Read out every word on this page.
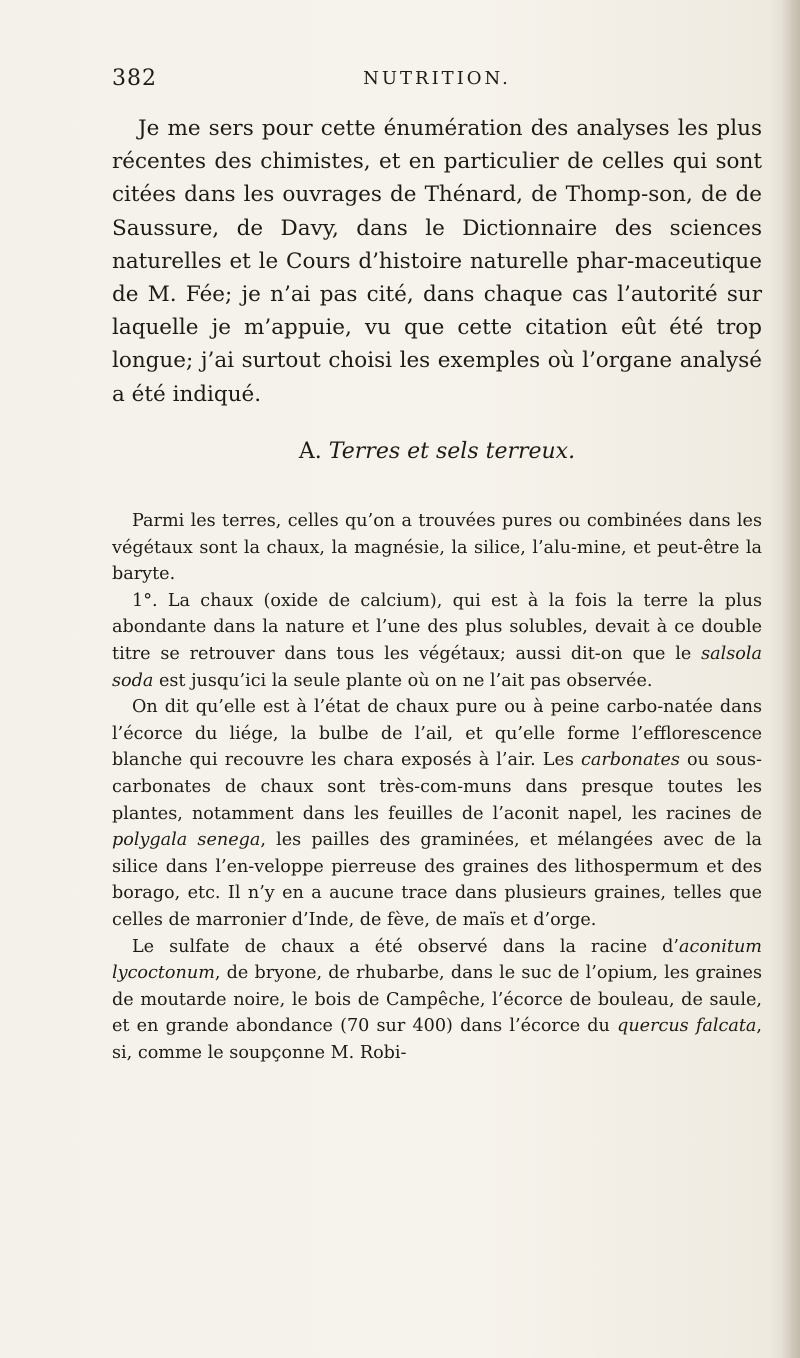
382	NUTRITION.

Je me sers pour cette énumération des analyses les plus récentes des chimistes, et en particulier de celles qui sont citées dans les ouvrages de Thénard, de Thomp-son, de de Saussure, de Davy, dans le Dictionnaire des sciences naturelles et le Cours d’histoire naturelle phar-maceutique de M. Fée; je n’ai pas cité, dans chaque cas l’autorité sur laquelle je m’appuie, vu que cette citation eût été trop longue; j’ai surtout choisi les exemples où l’organe analysé a été indiqué.

A. Terres et sels terreux.

Parmi les terres, celles qu’on a trouvées pures ou combinées dans les végétaux sont la chaux, la magnésie, la silice, l’alu-mine, et peut-être la baryte.

1°. La chaux (oxide de calcium), qui est à la fois la terre la plus abondante dans la nature et l’une des plus solubles, devait à ce double titre se retrouver dans tous les végétaux; aussi dit-on que le salsola soda est jusqu’ici la seule plante où on ne l’ait pas observée.

On dit qu’elle est à l’état de chaux pure ou à peine carbo-natée dans l’écorce du liége, la bulbe de l’ail, et qu’elle forme l’efflorescence blanche qui recouvre les chara exposés à l’air. Les carbonates ou sous-carbonates de chaux sont très-com-muns dans presque toutes les plantes, notamment dans les feuilles de l’aconit napel, les racines de polygala senega, les pailles des graminées, et mélangées avec de la silice dans l’en-veloppe pierreuse des graines des lithospermum et des borago, etc. Il n’y en a aucune trace dans plusieurs graines, telles que celles de marronier d’Inde, de fève, de maïs et d’orge.

Le sulfate de chaux a été observé dans la racine d’aconitum lycoctonum, de bryone, de rhubarbe, dans le suc de l’opium, les graines de moutarde noire, le bois de Campêche, l’écorce de bouleau, de saule, et en grande abondance (70 sur 400) dans l’écorce du quercus falcata, si, comme le soupçonne M. Robi-
